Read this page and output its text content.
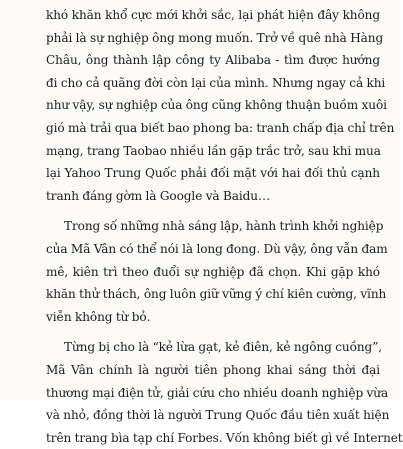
khó khăn khổ cực mới khởi sắc, lại phát hiện đây không
phải là sự nghiệp ông mong muốn. Trở về quê nhà Hàng
Châu, ông thành lập công ty Alibaba - tìm được hướng
đi cho cả quãng đời còn lại của mình. Nhưng ngay cả khi
như vậy, sự nghiệp của ông cũng không thuận buồm xuôi
gió mà trải qua biết bao phong ba: tranh chấp địa chỉ trên
mạng, trang Taobao nhiều lần gặp trắc trở, sau khi mua
lại Yahoo Trung Quốc phải đối mặt với hai đối thủ cạnh
tranh đáng gờm là Google và Baidu…
Trong số những nhà sáng lập, hành trình khởi nghiệp
của Mã Vân có thể nói là long đong. Dù vậy, ông vẫn đam
mê, kiên trì theo đuổi sự nghiệp đã chọn. Khi gặp khó
khăn thử thách, ông luôn giữ vững ý chí kiên cường, vĩnh
viễn không từ bỏ.
Từng bị cho là “kẻ lừa gạt, kẻ điên, kẻ ngông cuồng”,
Mã Vân chính là người tiên phong khai sáng thời đại
thương mại điện tử, giải cứu cho nhiều doanh nghiệp vừa
và nhỏ, đồng thời là người Trung Quốc đầu tiên xuất hiện
trên trang bìa tạp chí Forbes. Vốn không biết gì về Internet
